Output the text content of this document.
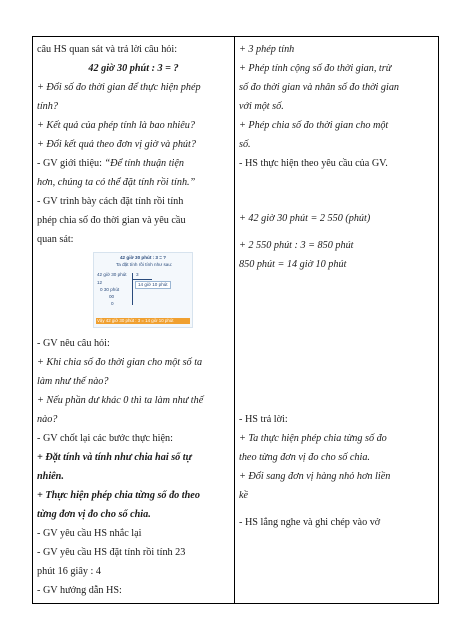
câu HS quan sát và trả lời câu hỏi:
42 giờ 30 phút : 3 = ?
+ Đổi số đo thời gian để thực hiện phép
tính?
+ Kết quả của phép tính là bao nhiêu?
+ Đổi kết quả theo đơn vị giờ và phút?
- GV giới thiệu: “Để tính thuận tiện
hơn, chúng ta có thể đặt tính rồi tính.”
- GV trình bày cách đặt tính rồi tính
phép chia số đo thời gian và yêu cầu
quan sát:
42 giờ 30 phút : 3 = ?
Ta đặt tính rồi tính như sau:
42 giờ 30 phút 3
14 giờ 10 phút
12
0 30 phút
00
0
Vậy 42 giờ 30 phút : 3 = 14 giờ 10 phút
- GV nêu câu hỏi:
+ Khi chia số đo thời gian cho một số ta
làm như thế nào?
+ Nếu phần dư khác 0 thì ta làm như thế
nào?
- GV chốt lại các bước thực hiện:
+ Đặt tính và tính như chia hai số tự
nhiên.
+ Thực hiện phép chia từng số đo theo
từng đơn vị đo cho số chia.
- GV yêu cầu HS nhắc lại
- GV yêu cầu HS đặt tính rồi tính 23
phút 16 giây : 4
- GV hướng dẫn HS:

+ 3 phép tính
+ Phép tính cộng số đo thời gian, trừ
số đo thời gian và nhân số đo thời gian
với một số.
+ Phép chia số đo thời gian cho một
số.
- HS thực hiện theo yêu cầu của GV.
+ 42 giờ 30 phút = 2 550 (phút)
+ 2 550 phút : 3 = 850 phút
850 phút = 14 giờ 10 phút
- HS trả lời:
+ Ta thực hiện phép chia từng số đo
theo từng đơn vị đo cho số chia.
+ Đổi sang đơn vị hàng nhỏ hơn liền
kề
- HS lắng nghe và ghi chép vào vở
